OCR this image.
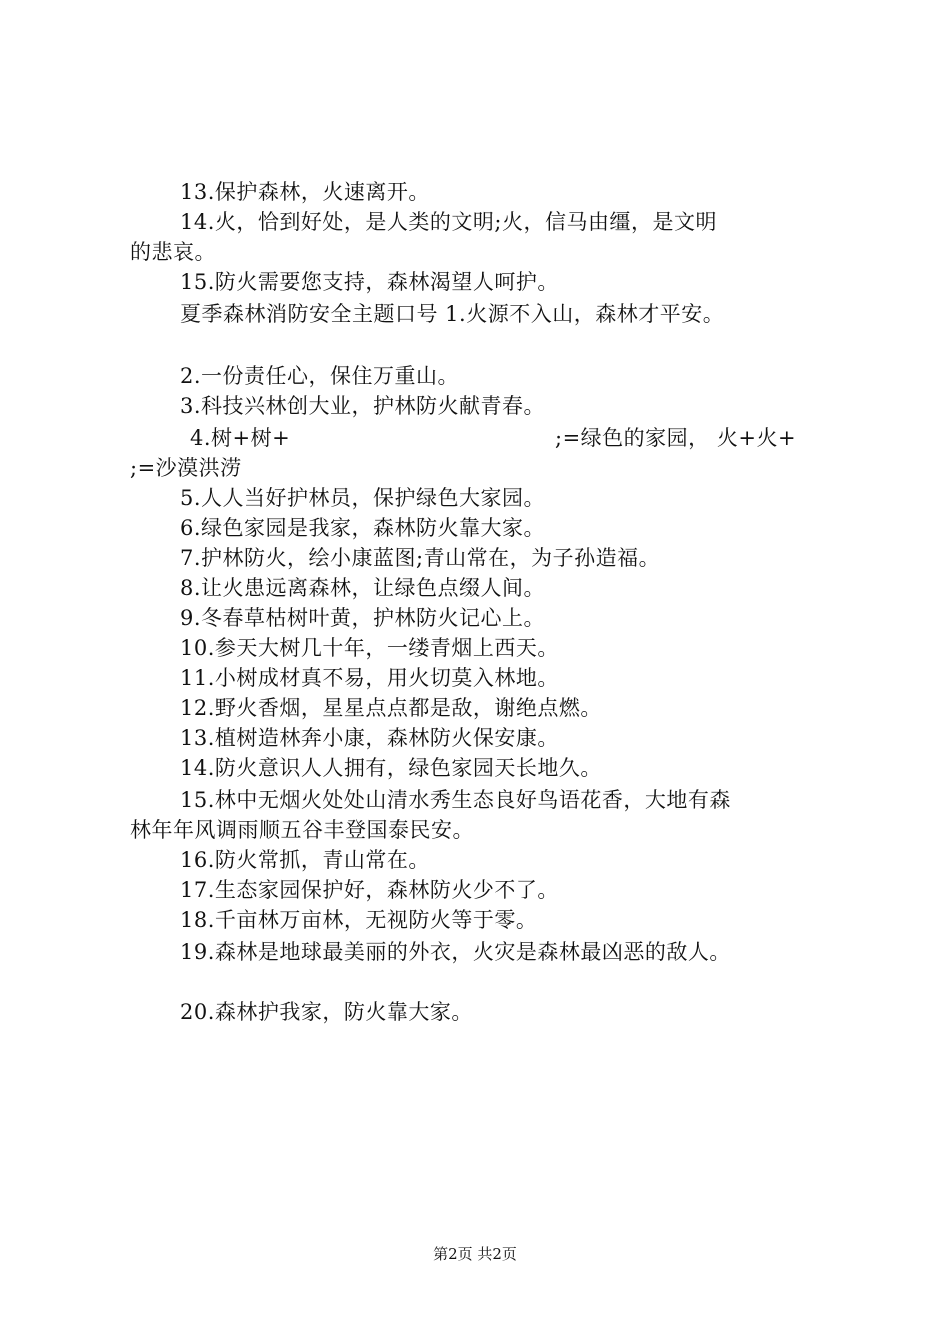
13.保护森林，火速离开。
14.火，恰到好处，是人类的文明;火，信马由缰，是文明
的悲哀。
15.防火需要您支持，森林渴望人呵护。
夏季森林消防安全主题口号 1.火源不入山，森林才平安。
2.一份责任心，保住万重山。
3.科技兴林创大业，护林防火献青春。
4.树+树+	;=绿色的家园， 火+火+
;=沙漠洪涝
5.人人当好护林员，保护绿色大家园。
6.绿色家园是我家，森林防火靠大家。
7.护林防火，绘小康蓝图;青山常在，为子孙造福。
8.让火患远离森林，让绿色点缀人间。
9.冬春草枯树叶黄，护林防火记心上。
10.参天大树几十年，一缕青烟上西天。
11.小树成材真不易，用火切莫入林地。
12.野火香烟，星星点点都是敌，谢绝点燃。
13.植树造林奔小康，森林防火保安康。
14.防火意识人人拥有，绿色家园天长地久。
15.林中无烟火处处山清水秀生态良好鸟语花香，大地有森
林年年风调雨顺五谷丰登国泰民安。
16.防火常抓，青山常在。
17.生态家园保护好，森林防火少不了。
18.千亩林万亩林，无视防火等于零。
19.森林是地球最美丽的外衣，火灾是森林最凶恶的敌人。
20.森林护我家，防火靠大家。
第2页 共2页
